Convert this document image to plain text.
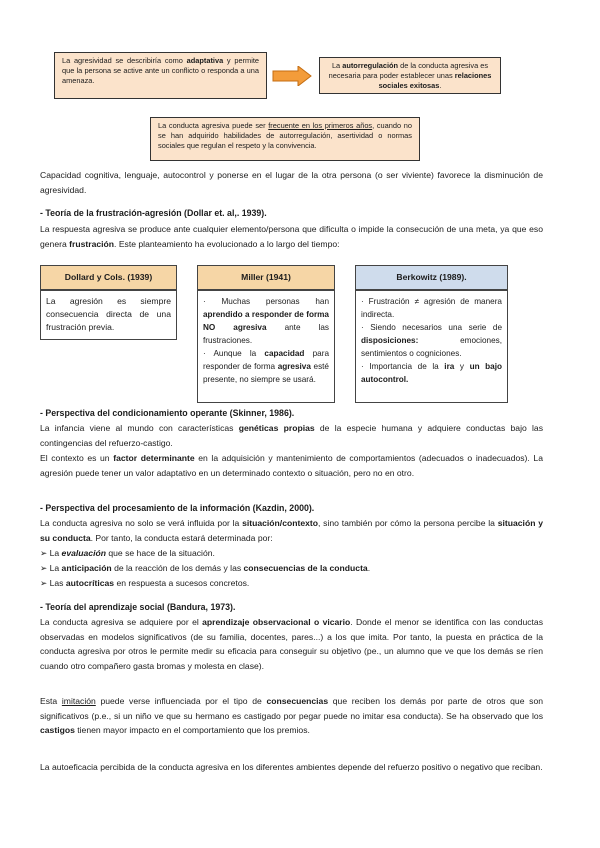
La agresividad se describiría como adaptativa y permite que la persona se active ante un conflicto o responda a una amenaza.
La autorregulación de la conducta agresiva es necesaria para poder establecer unas relaciones sociales exitosas.
La conducta agresiva puede ser frecuente en los primeros años, cuando no se han adquirido habilidades de autorregulación, asertividad o normas sociales que regulan el respeto y la convivencia.
Capacidad cognitiva, lenguaje, autocontrol y ponerse en el lugar de la otra persona (o ser viviente) favorece la disminución de agresividad.
- Teoría de la frustración-agresión (Dollar et. al,. 1939).
La respuesta agresiva se produce ante cualquier elemento/persona que dificulta o impide la consecución de una meta, ya que eso genera frustración. Este planteamiento ha evolucionado a lo largo del tiempo:
Dollard y Cols. (1939)
La agresión es siempre consecuencia directa de una frustración previa.
Miller (1941)
· Muchas personas han aprendido a responder de forma NO agresiva ante las frustraciones.
· Aunque la capacidad para responder de forma agresiva esté presente, no siempre se usará.
Berkowitz (1989).
· Frustración ≠ agresión de manera indirecta.
· Siendo necesarios una serie de disposiciones: emociones, sentimientos o cogniciones.
· Importancia de la ira y un bajo autocontrol.
- Perspectiva del condicionamiento operante (Skinner, 1986).
La infancia viene al mundo con características genéticas propias de la especie humana y adquiere conductas bajo las contingencias del refuerzo-castigo.
El contexto es un factor determinante en la adquisición y mantenimiento de comportamientos (adecuados o inadecuados). La agresión puede tener un valor adaptativo en un determinado contexto o situación, pero no en otro.
- Perspectiva del procesamiento de la información (Kazdin, 2000).
La conducta agresiva no solo se verá influida por la situación/contexto, sino también por cómo la persona percibe la situación y su conducta. Por tanto, la conducta estará determinada por:
➢ La evaluación que se hace de la situación.
➢ La anticipación de la reacción de los demás y las consecuencias de la conducta.
➢ Las autocríticas en respuesta a sucesos concretos.
- Teoría del aprendizaje social (Bandura, 1973).
La conducta agresiva se adquiere por el aprendizaje observacional o vicario. Donde el menor se identifica con las conductas observadas en modelos significativos (de su familia, docentes, pares...) a los que imita. Por tanto, la puesta en práctica de la conducta agresiva por otros le permite medir su eficacia para conseguir su objetivo (pe., un alumno que ve que los demás se ríen cuando otro compañero gasta bromas y molesta en clase).
Esta imitación puede verse influenciada por el tipo de consecuencias que reciben los demás por parte de otros que son significativos (p.e., si un niño ve que su hermano es castigado por pegar puede no imitar esa conducta). Se ha observado que los castigos tienen mayor impacto en el comportamiento que los premios.
La autoeficacia percibida de la conducta agresiva en los diferentes ambientes depende del refuerzo positivo o negativo que reciban.
